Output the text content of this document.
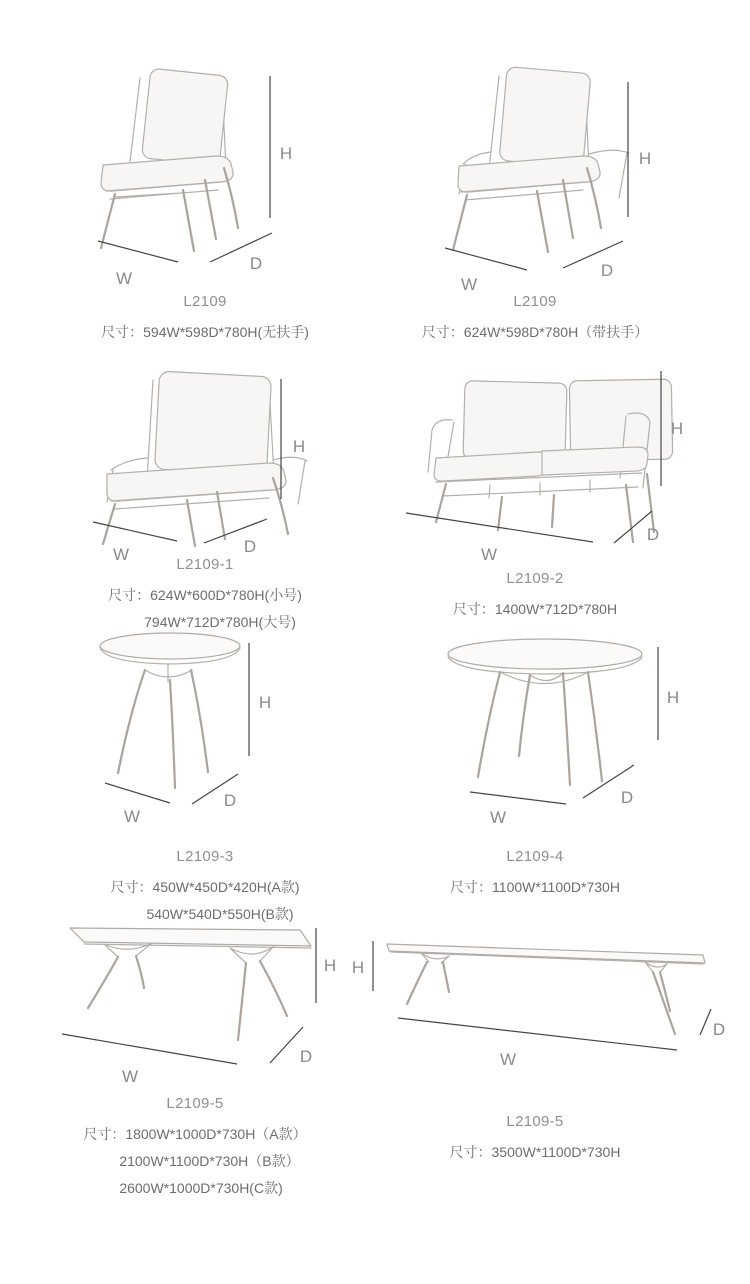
H
W
D
L2109
尺寸：594W*598D*780H(无扶手)
H
W
D
L2109
尺寸：624W*598D*780H（带扶手）
H
W	D
L2109-1
尺寸：624W*600D*780H(小号)
794W*712D*780H(大号)
H
W
D
L2109-2
尺寸：1400W*712D*780H
H
W
D
L2109-3
尺寸：450W*450D*420H(A款)
540W*540D*550H(B款)
H
W
D
L2109-4
尺寸：1100W*1100D*730H
H
W
D
L2109-5
尺寸：1800W*1000D*730H（A款）
2100W*1100D*730H（B款）
2600W*1000D*730H(C款)
H
W
D
L2109-5
尺寸：3500W*1100D*730H
